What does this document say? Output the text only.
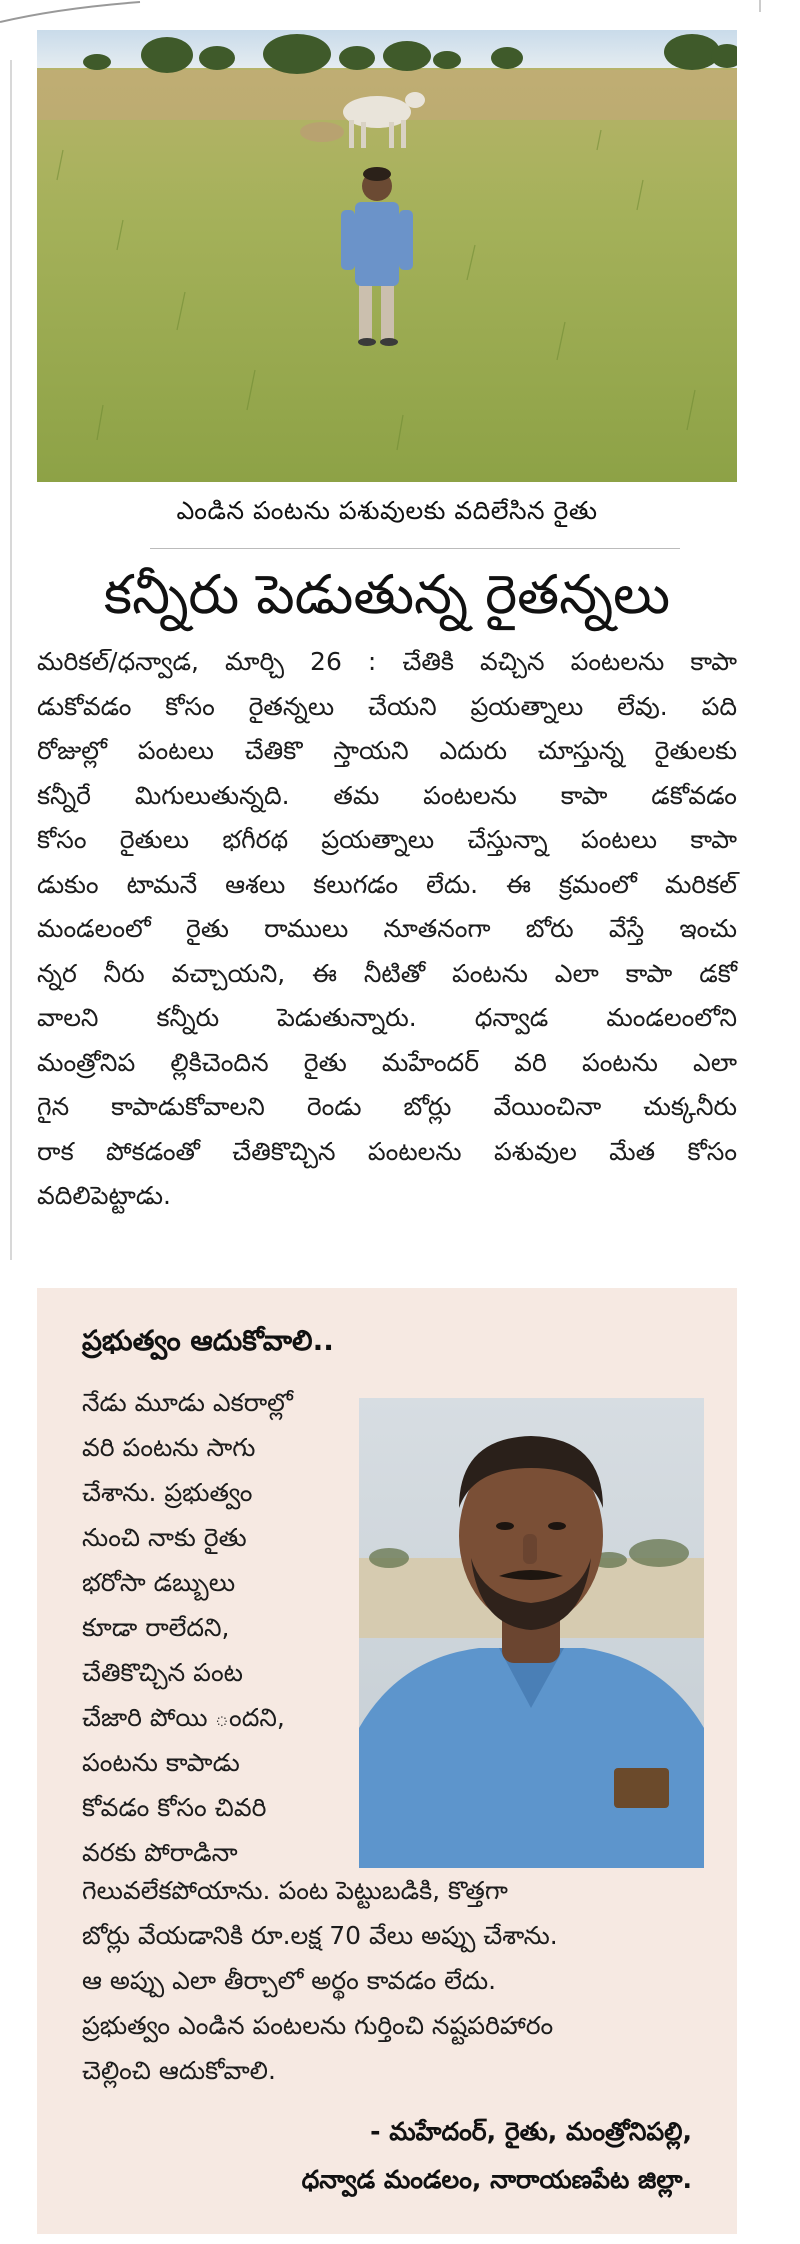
ఎండిన పంటను పశువులకు వదిలేసిన రైతు
కన్నీరు పెడుతున్న రైతన్నలు
మరికల్/ధన్వాడ, మార్చి 26 : చేతికి వచ్చిన పంటలను కాపా
డుకోవడం కోసం రైతన్నలు చేయని ప్రయత్నాలు లేవు. పది
రోజుల్లో పంటలు చేతికొ స్తాయని ఎదురు చూస్తున్న రైతులకు
కన్నీరే మిగులుతున్నది. తమ పంటలను కాపా డకోవడం
కోసం రైతులు భగీరథ ప్రయత్నాలు చేస్తున్నా పంటలు కాపా
డుకుం టామనే ఆశలు కలుగడం లేదు. ఈ క్రమంలో మరికల్
మండలంలో రైతు రాములు నూతనంగా బోరు వేస్తే ఇంచు
న్నర నీరు వచ్చాయని, ఈ నీటితో పంటను ఎలా కాపా డకో
వాలని కన్నీరు పెడుతున్నారు. ధన్వాడ మండలంలోని
మంత్రోనిప ల్లికిచెందిన రైతు మహేందర్ వరి పంటను ఎలా
గైన కాపాడుకోవాలని రెండు బోర్లు వేయించినా చుక్కనీరు
రాక పోకడంతో చేతికొచ్చిన పంటలను పశువుల మేత కోసం
వదిలిపెట్టాడు.
ప్రభుత్వం ఆదుకోవాలి..
నేడు మూడు ఎకరాల్లో
వరి పంటను సాగు
చేశాను. ప్రభుత్వం
నుంచి నాకు రైతు
భరోసా డబ్బులు
కూడా రాలేదని,
చేతికొచ్చిన పంట
చేజారి పోయి ందని,
పంటను కాపాడు
కోవడం కోసం చివరి
వరకు పోరాడినా
గెలువలేకపోయాను. పంట పెట్టుబడికి, కొత్తగా
బోర్లు వేయడానికి రూ.లక్ష 70 వేలు అప్పు చేశాను.
ఆ అప్పు ఎలా తీర్చాలో అర్థం కావడం లేదు.
ప్రభుత్వం ఎండిన పంటలను గుర్తించి నష్టపరిహారం
చెల్లించి ఆదుకోవాలి.
- మహేదంర్, రైతు, మంత్రోనిపల్లి,
ధన్వాడ మండలం, నారాయణపేట జిల్లా.
